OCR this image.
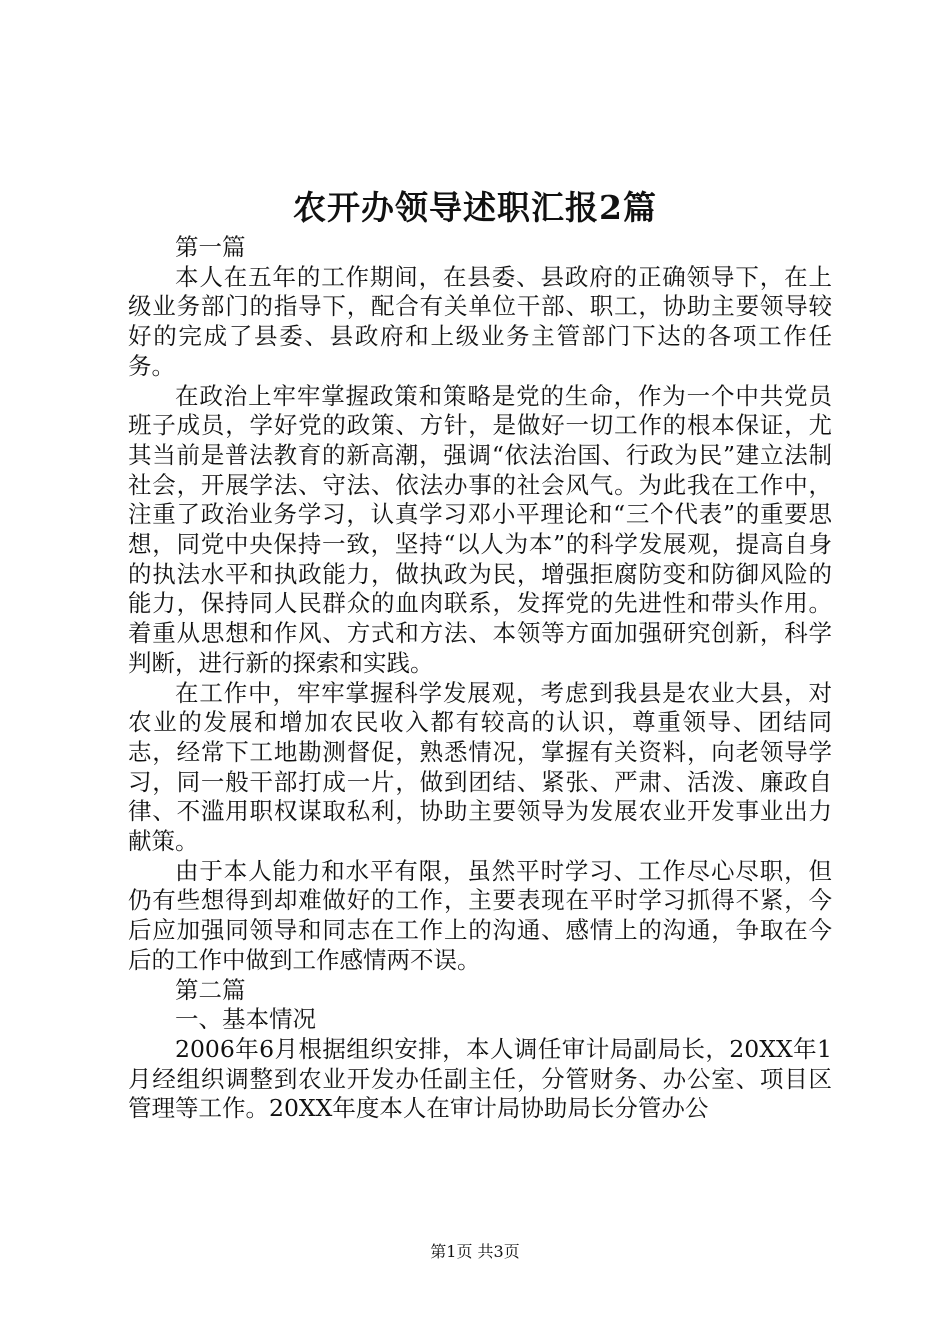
农开办领导述职汇报2篇

第一篇

本人在五年的工作期间，在县委、县政府的正确领导下，在上级业务部门的指导下，配合有关单位干部、职工，协助主要领导较好的完成了县委、县政府和上级业务主管部门下达的各项工作任务。

在政治上牢牢掌握政策和策略是党的生命，作为一个中共党员班子成员，学好党的政策、方针，是做好一切工作的根本保证，尤其当前是普法教育的新高潮，强调“依法治国、行政为民”建立法制社会，开展学法、守法、依法办事的社会风气。为此我在工作中，注重了政治业务学习，认真学习邓小平理论和“三个代表”的重要思想，同党中央保持一致，坚持“以人为本”的科学发展观，提高自身的执法水平和执政能力，做执政为民，增强拒腐防变和防御风险的能力，保持同人民群众的血肉联系，发挥党的先进性和带头作用。着重从思想和作风、方式和方法、本领等方面加强研究创新，科学判断，进行新的探索和实践。

在工作中，牢牢掌握科学发展观，考虑到我县是农业大县，对农业的发展和增加农民收入都有较高的认识，尊重领导、团结同志，经常下工地勘测督促，熟悉情况，掌握有关资料，向老领导学习，同一般干部打成一片，做到团结、紧张、严肃、活泼、廉政自律、不滥用职权谋取私利，协助主要领导为发展农业开发事业出力献策。

由于本人能力和水平有限，虽然平时学习、工作尽心尽职，但仍有些想得到却难做好的工作，主要表现在平时学习抓得不紧，今后应加强同领导和同志在工作上的沟通、感情上的沟通，争取在今后的工作中做到工作感情两不误。

第二篇

一、基本情况

2006年6月根据组织安排，本人调任审计局副局长，20XX年1月经组织调整到农业开发办任副主任，分管财务、办公室、项目区管理等工作。20XX年度本人在审计局协助局长分管办公

第1页 共3页
